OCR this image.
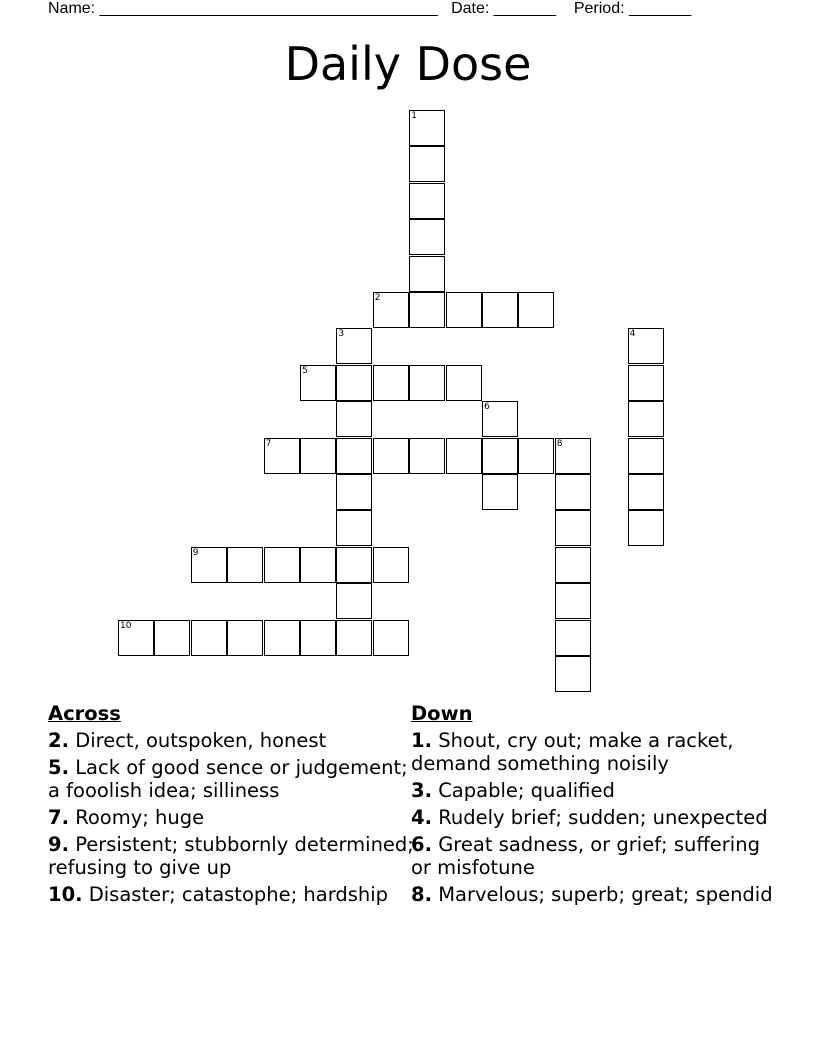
Name: ______________________________________ Date: _______ Period: _______
Daily Dose
1
2
3	4
5
6
7	8
9
10
Across
2. Direct, outspoken, honest
5. Lack of good sence or judgement; a fooolish idea; silliness
7. Roomy; huge
9. Persistent; stubbornly determined; refusing to give up
10. Disaster; catastophe; hardship
Down
1. Shout, cry out; make a racket, demand something noisily
3. Capable; qualified
4. Rudely brief; sudden; unexpected
6. Great sadness, or grief; suffering or misfotune
8. Marvelous; superb; great; spendid
